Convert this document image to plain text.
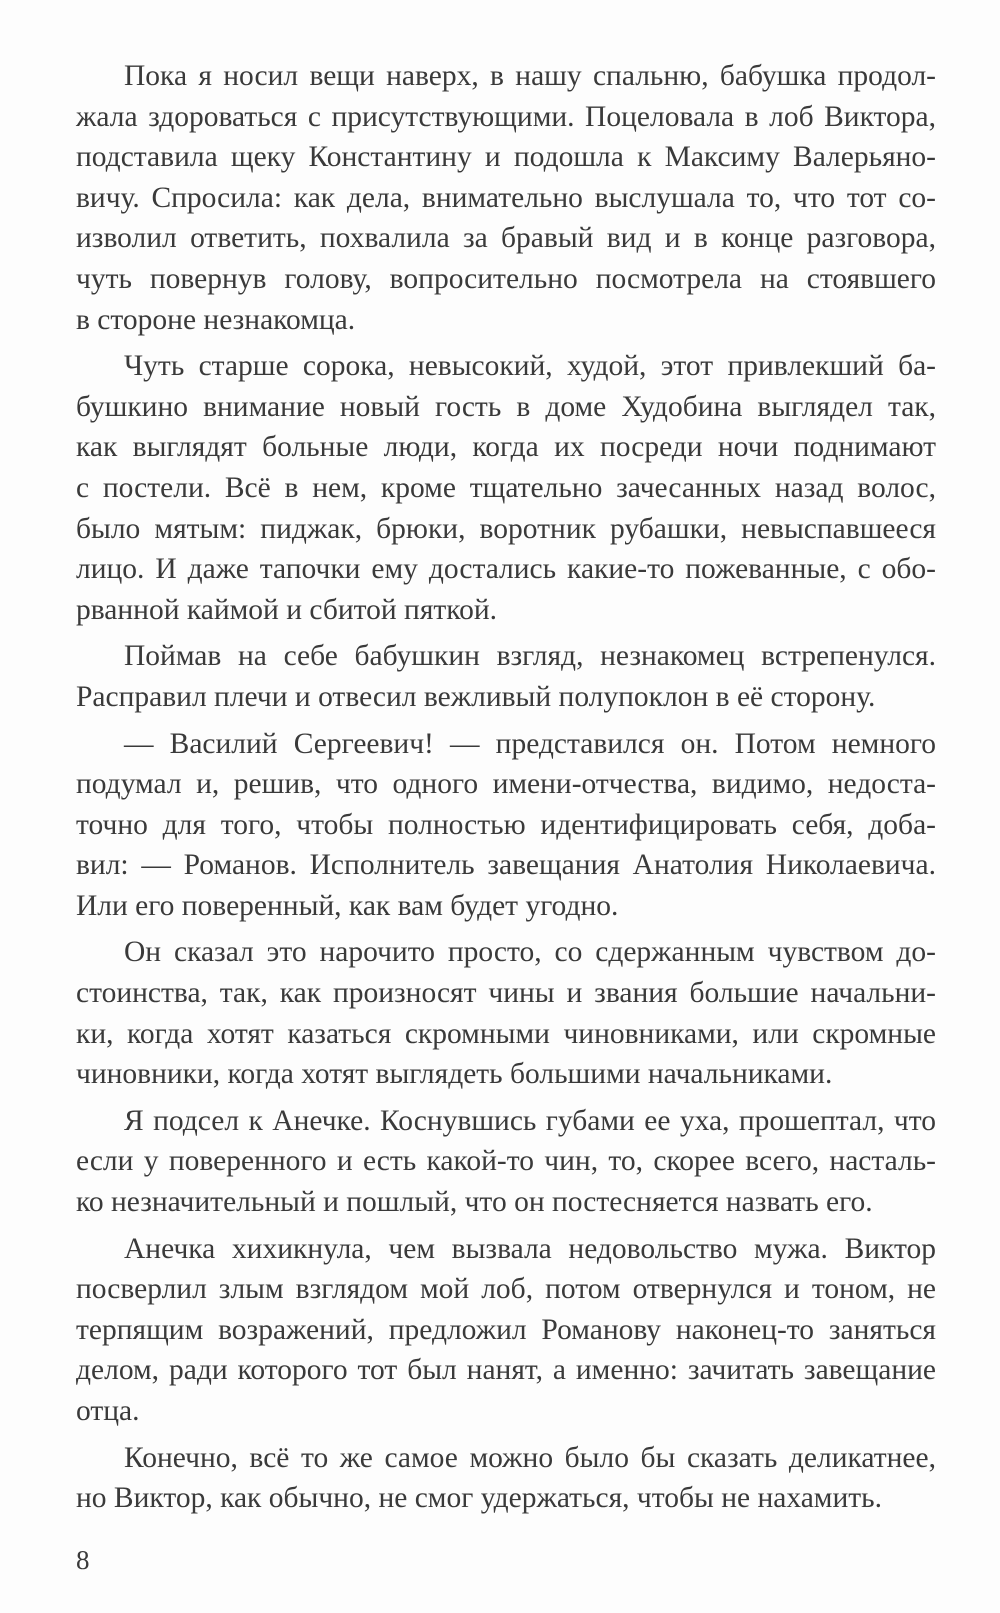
Пока я носил вещи наверх, в нашу спальню, бабушка продол-
жала здороваться с присутствующими. Поцеловала в лоб Виктора,
подставила щеку Константину и подошла к Максиму Валерьяно-
вичу. Спросила: как дела, внимательно выслушала то, что тот со-
изволил ответить, похвалила за бравый вид и в конце разговора,
чуть повернув голову, вопросительно посмотрела на стоявшего
в стороне незнакомца.
Чуть старше сорока, невысокий, худой, этот привлекший ба-
бушкино внимание новый гость в доме Худобина выглядел так,
как выглядят больные люди, когда их посреди ночи поднимают
с постели. Всё в нем, кроме тщательно зачесанных назад волос,
было мятым: пиджак, брюки, воротник рубашки, невыспавшееся
лицо. И даже тапочки ему достались какие-то пожеванные, с обо-
рванной каймой и сбитой пяткой.
Поймав на себе бабушкин взгляд, незнакомец встрепенулся.
Расправил плечи и отвесил вежливый полупоклон в её сторону.
— Василий Сергеевич! — представился он. Потом немного
подумал и, решив, что одного имени-отчества, видимо, недоста-
точно для того, чтобы полностью идентифицировать себя, доба-
вил: — Романов. Исполнитель завещания Анатолия Николаевича.
Или его поверенный, как вам будет угодно.
Он сказал это нарочито просто, со сдержанным чувством до-
стоинства, так, как произносят чины и звания большие начальни-
ки, когда хотят казаться скромными чиновниками, или скромные
чиновники, когда хотят выглядеть большими начальниками.
Я подсел к Анечке. Коснувшись губами ее уха, прошептал, что
если у поверенного и есть какой-то чин, то, скорее всего, насталь-
ко незначительный и пошлый, что он постесняется назвать его.
Анечка хихикнула, чем вызвала недовольство мужа. Виктор
посверлил злым взглядом мой лоб, потом отвернулся и тоном, не
терпящим возражений, предложил Романову наконец-то заняться
делом, ради которого тот был нанят, а именно: зачитать завещание
отца.
Конечно, всё то же самое можно было бы сказать деликатнее,
но Виктор, как обычно, не смог удержаться, чтобы не нахамить.
8
